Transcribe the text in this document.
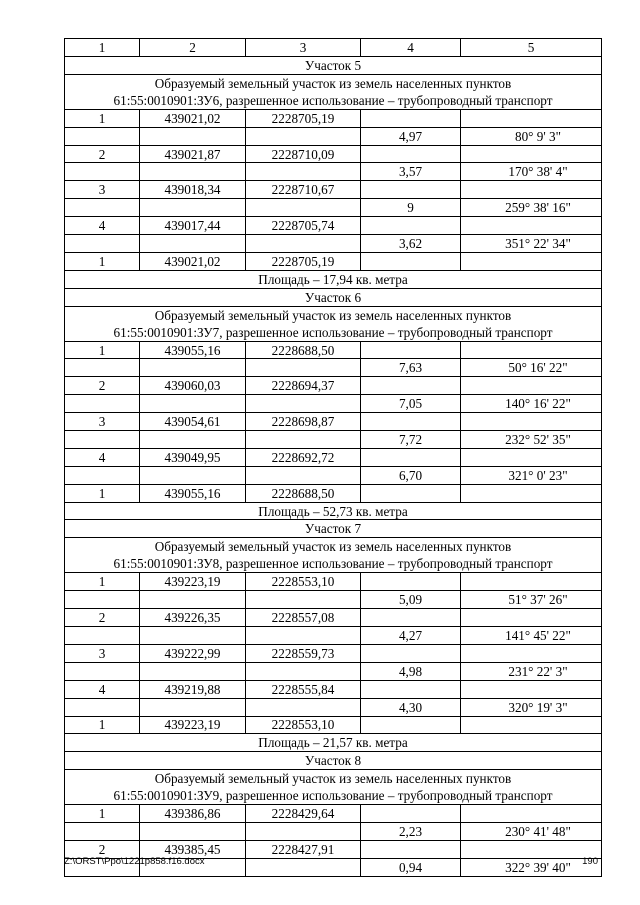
1	2	3	4	5
Участок 5				

Образуемый земельный участок из земель населенных пунктов
61:55:0010901:ЗУ6, разрешенное использование – трубопроводный транспорт				

1	439021,02	2228705,19		
			4,97	80° 9' 3"
2	439021,87	2228710,09		
			3,57	170° 38' 4"
3	439018,34	2228710,67		
			9	259° 38' 16"
4	439017,44	2228705,74		
			3,62	351° 22' 34"
1	439021,02	2228705,19		
Площадь – 17,94 кв. метра				
Участок 6				

Образуемый земельный участок из земель населенных пунктов
61:55:0010901:ЗУ7, разрешенное использование – трубопроводный транспорт				

1	439055,16	2228688,50		
			7,63	50° 16' 22"
2	439060,03	2228694,37		
			7,05	140° 16' 22"
3	439054,61	2228698,87		
			7,72	232° 52' 35"
4	439049,95	2228692,72		
			6,70	321° 0' 23"
1	439055,16	2228688,50		
Площадь – 52,73 кв. метра				
Участок 7				

Образуемый земельный участок из земель населенных пунктов
61:55:0010901:ЗУ8, разрешенное использование – трубопроводный транспорт				

1	439223,19	2228553,10		
			5,09	51° 37' 26"
2	439226,35	2228557,08		
			4,27	141° 45' 22"
3	439222,99	2228559,73		
			4,98	231° 22' 3"
4	439219,88	2228555,84		
			4,30	320° 19' 3"
1	439223,19	2228553,10		
Площадь – 21,57 кв. метра				
Участок 8				

Образуемый земельный участок из земель населенных пунктов
61:55:0010901:ЗУ9, разрешенное использование – трубопроводный транспорт				

1	439386,86	2228429,64		
			2,23	230° 41' 48"
2	439385,45	2228427,91		
			0,94	322° 39' 40"
Z:\ORST\Ppo\1221p858.f16.docx	190
